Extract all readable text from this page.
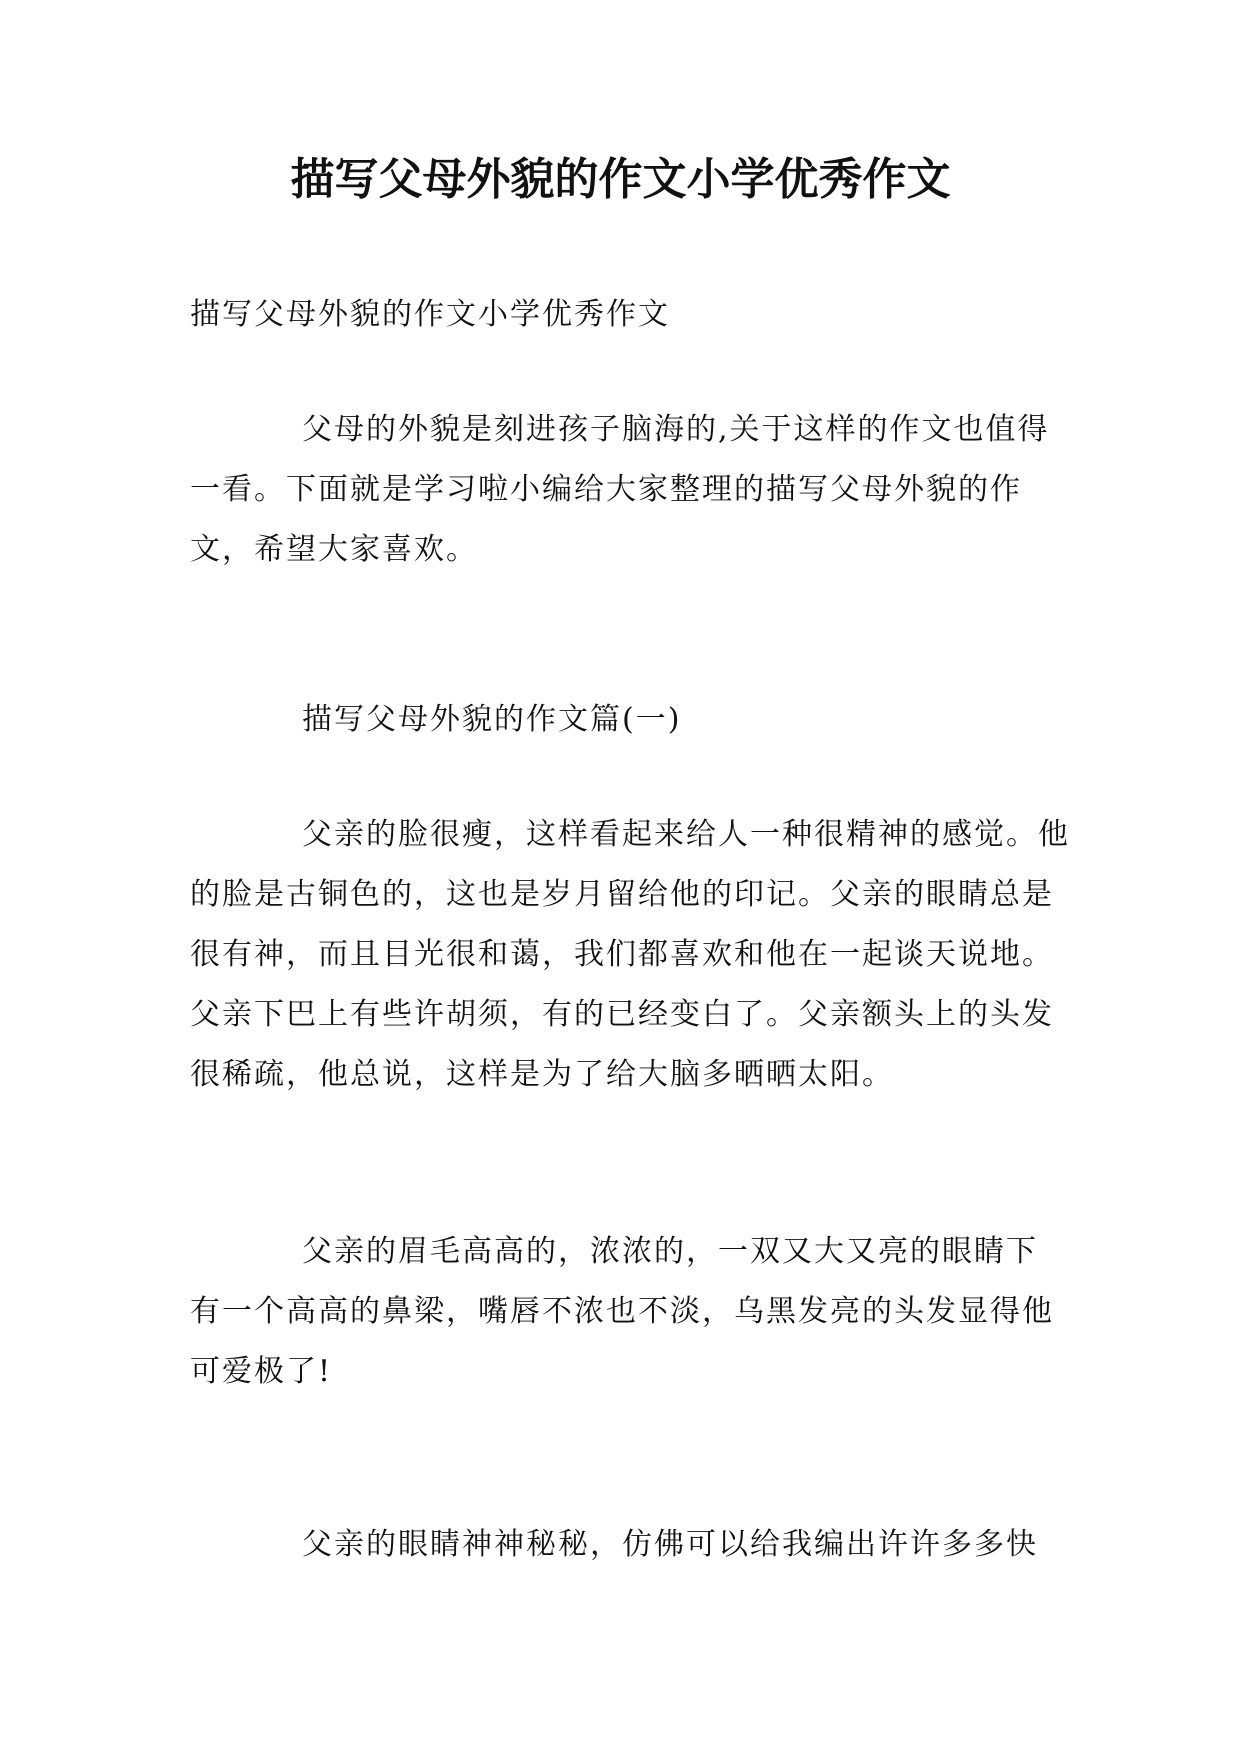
描写父母外貌的作文小学优秀作文

描写父母外貌的作文小学优秀作文

父母的外貌是刻进孩子脑海的,关于这样的作文也值得一看。下面就是学习啦小编给大家整理的描写父母外貌的作文，希望大家喜欢。

描写父母外貌的作文篇(一)

父亲的脸很瘦，这样看起来给人一种很精神的感觉。他的脸是古铜色的，这也是岁月留给他的印记。父亲的眼睛总是很有神，而且目光很和蔼，我们都喜欢和他在一起谈天说地。父亲下巴上有些许胡须，有的已经变白了。父亲额头上的头发很稀疏，他总说，这样是为了给大脑多晒晒太阳。

父亲的眉毛高高的，浓浓的，一双又大又亮的眼睛下有一个高高的鼻梁，嘴唇不浓也不淡，乌黑发亮的头发显得他可爱极了!

父亲的眼睛神神秘秘，仿佛可以给我编出许许多多快
